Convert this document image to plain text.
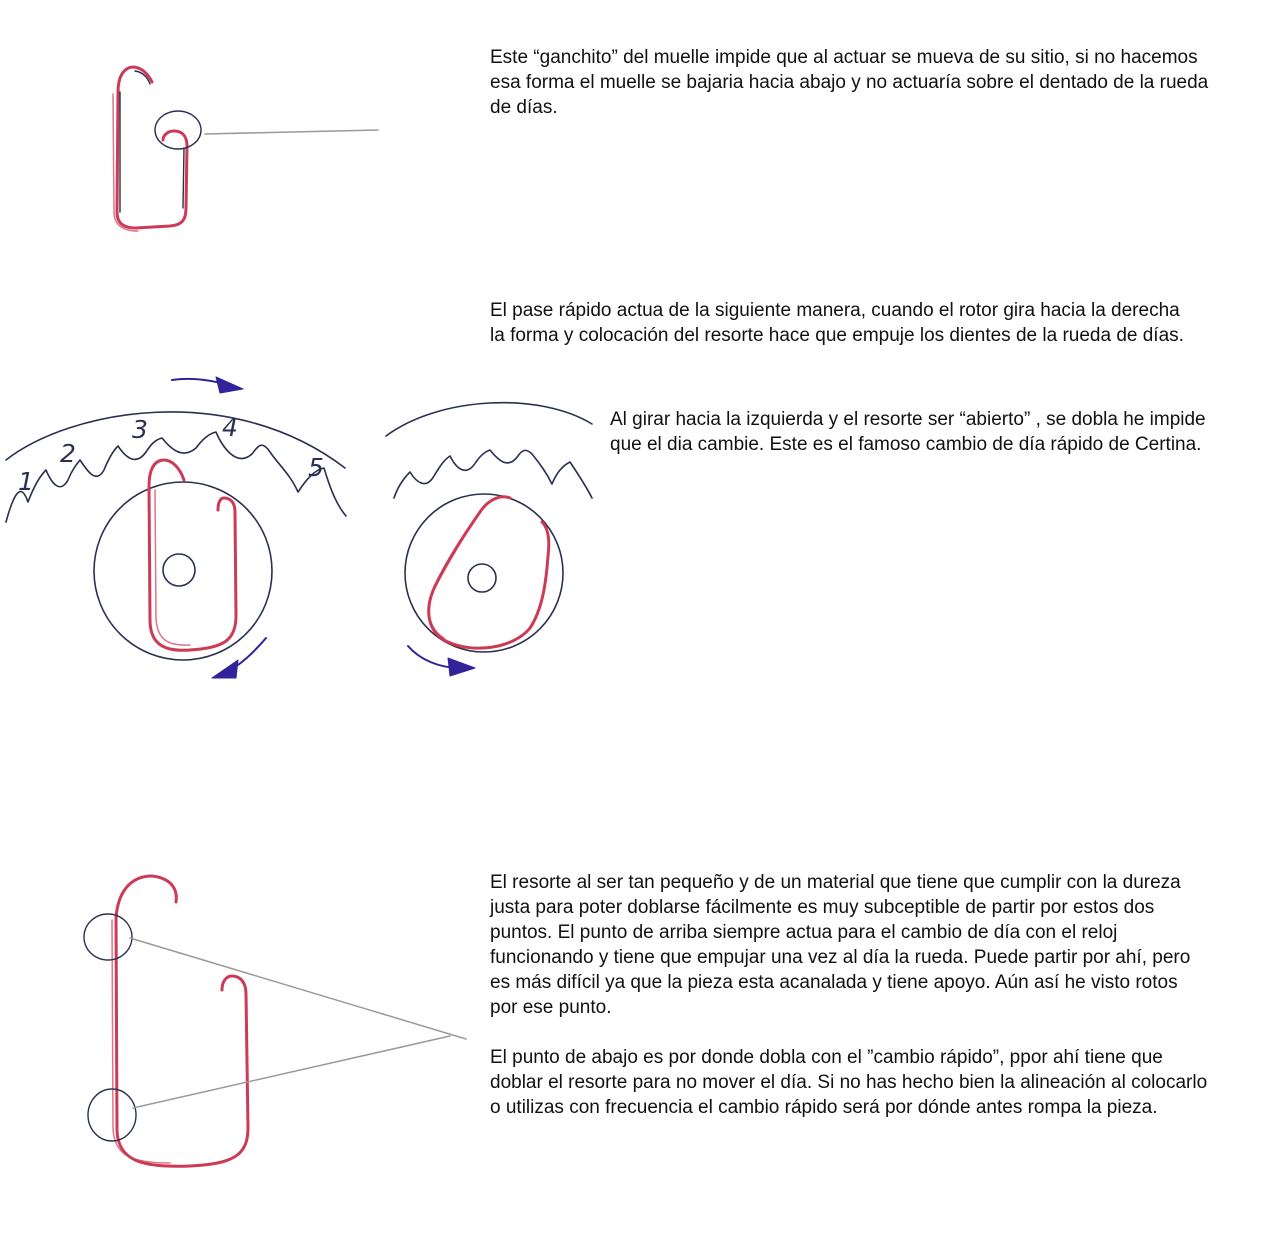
1
2
3	4
5

Este “ganchito” del muelle impide que al actuar se mueva de su sitio, si no hacemos
esa forma el muelle se bajaria hacia abajo y no actuaría sobre el dentado de la rueda
de días.

El pase rápido actua de la siguiente manera, cuando el rotor gira hacia la derecha
la forma y colocación del resorte hace que empuje los dientes de la rueda de días.

Al girar hacia la izquierda y el resorte ser “abierto” , se dobla he impide
que el dia cambie. Este es el famoso cambio de día rápido de Certina.

El resorte al ser tan pequeño y de un material que tiene que cumplir con la dureza
justa para poter doblarse fácilmente es muy subceptible de partir por estos dos
puntos. El punto de arriba siempre actua para el cambio de día con el reloj
funcionando y tiene que empujar una vez al día la rueda. Puede partir por ahí, pero
es más difícil ya que la pieza esta acanalada y tiene apoyo. Aún así he visto rotos
por ese punto.

El punto de abajo es por donde dobla con el ”cambio rápido”, ppor ahí tiene que
doblar el resorte para no mover el día. Si no has hecho bien la alineación al colocarlo
o utilizas con frecuencia el cambio rápido será por dónde antes rompa la pieza.
